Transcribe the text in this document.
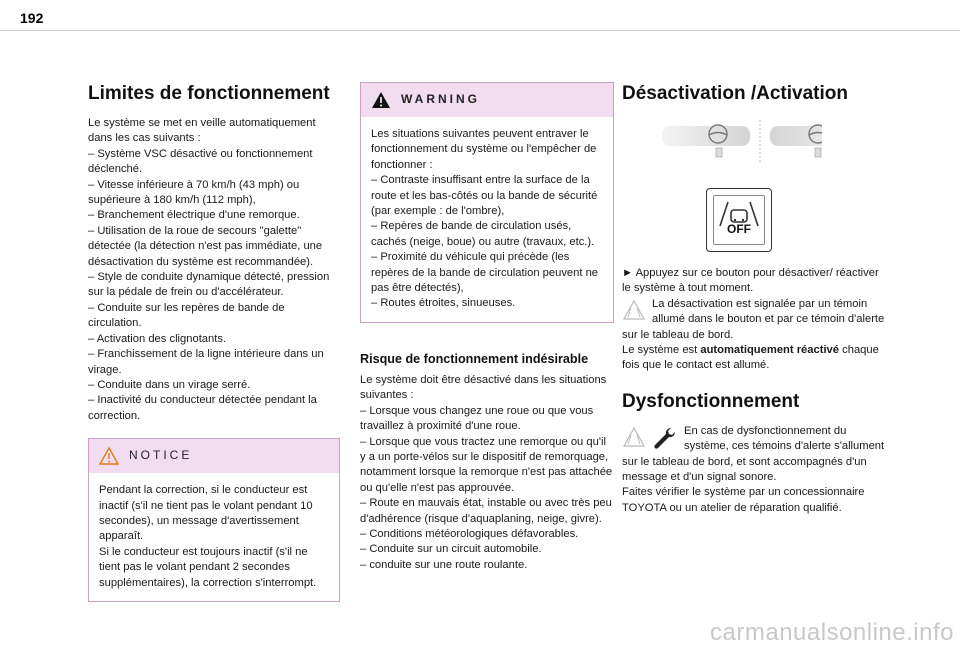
192
Limites de fonctionnement

Le système se met en veille automatiquement dans les cas suivants :
– Système VSC désactivé ou fonctionnement déclenché.
– Vitesse inférieure à 70 km/h (43 mph) ou supérieure à 180 km/h (112 mph),
– Branchement électrique d'une remorque.
– Utilisation de la roue de secours "galette" détectée (la détection n'est pas immédiate, une désactivation du système est recommandée).
– Style de conduite dynamique détecté, pression sur la pédale de frein ou d'accélérateur.
– Conduite sur les repères de bande de circulation.
– Activation des clignotants.
– Franchissement de la ligne intérieure dans un virage.
– Conduite dans un virage serré.
– Inactivité du conducteur détectée pendant la correction.

NOTICE

Pendant la correction, si le conducteur est inactif (s'il ne tient pas le volant pendant 10 secondes), un message d'avertissement apparaît.
Si le conducteur est toujours inactif (s'il ne tient pas le volant pendant 2 secondes supplémentaires), la correction s'interrompt.

WARNING

Les situations suivantes peuvent entraver le fonctionnement du système ou l'empêcher de fonctionner :
– Contraste insuffisant entre la surface de la route et les bas-côtés ou la bande de sécurité (par exemple : de l'ombre),
– Repères de bande de circulation usés, cachés (neige, boue) ou autre (travaux, etc.).
– Proximité du véhicule qui précède (les repères de la bande de circulation peuvent ne pas être détectés),
– Routes étroites, sinueuses.

Risque de fonctionnement indésirable

Le système doit être désactivé dans les situations suivantes :
– Lorsque vous changez une roue ou que vous travaillez à proximité d'une roue.
– Lorsque que vous tractez une remorque ou qu'il y a un porte-vélos sur le dispositif de remorquage, notamment lorsque la remorque n'est pas attachée ou qu'elle n'est pas approuvée.
– Route en mauvais état, instable ou avec très peu d'adhérence (risque d'aquaplaning, neige, givre).
– Conditions météorologiques défavorables.
– Conduite sur un circuit automobile.
– conduite sur une route roulante.

Désactivation /Activation
OFF

► Appuyez sur ce bouton pour désactiver/ réactiver le système à tout moment.

La désactivation est signalée par un témoin allumé dans le bouton et par ce témoin d'alerte sur le tableau de bord.

Le système est automatiquement réactivé chaque fois que le contact est allumé.

Dysfonctionnement

En cas de dysfonctionnement du système, ces témoins d'alerte s'allument sur le tableau de bord, et sont accompagnés d'un message et d'un signal sonore.
Faites vérifier le système par un concessionnaire TOYOTA ou un atelier de réparation qualifié.

carmanualsonline.info
